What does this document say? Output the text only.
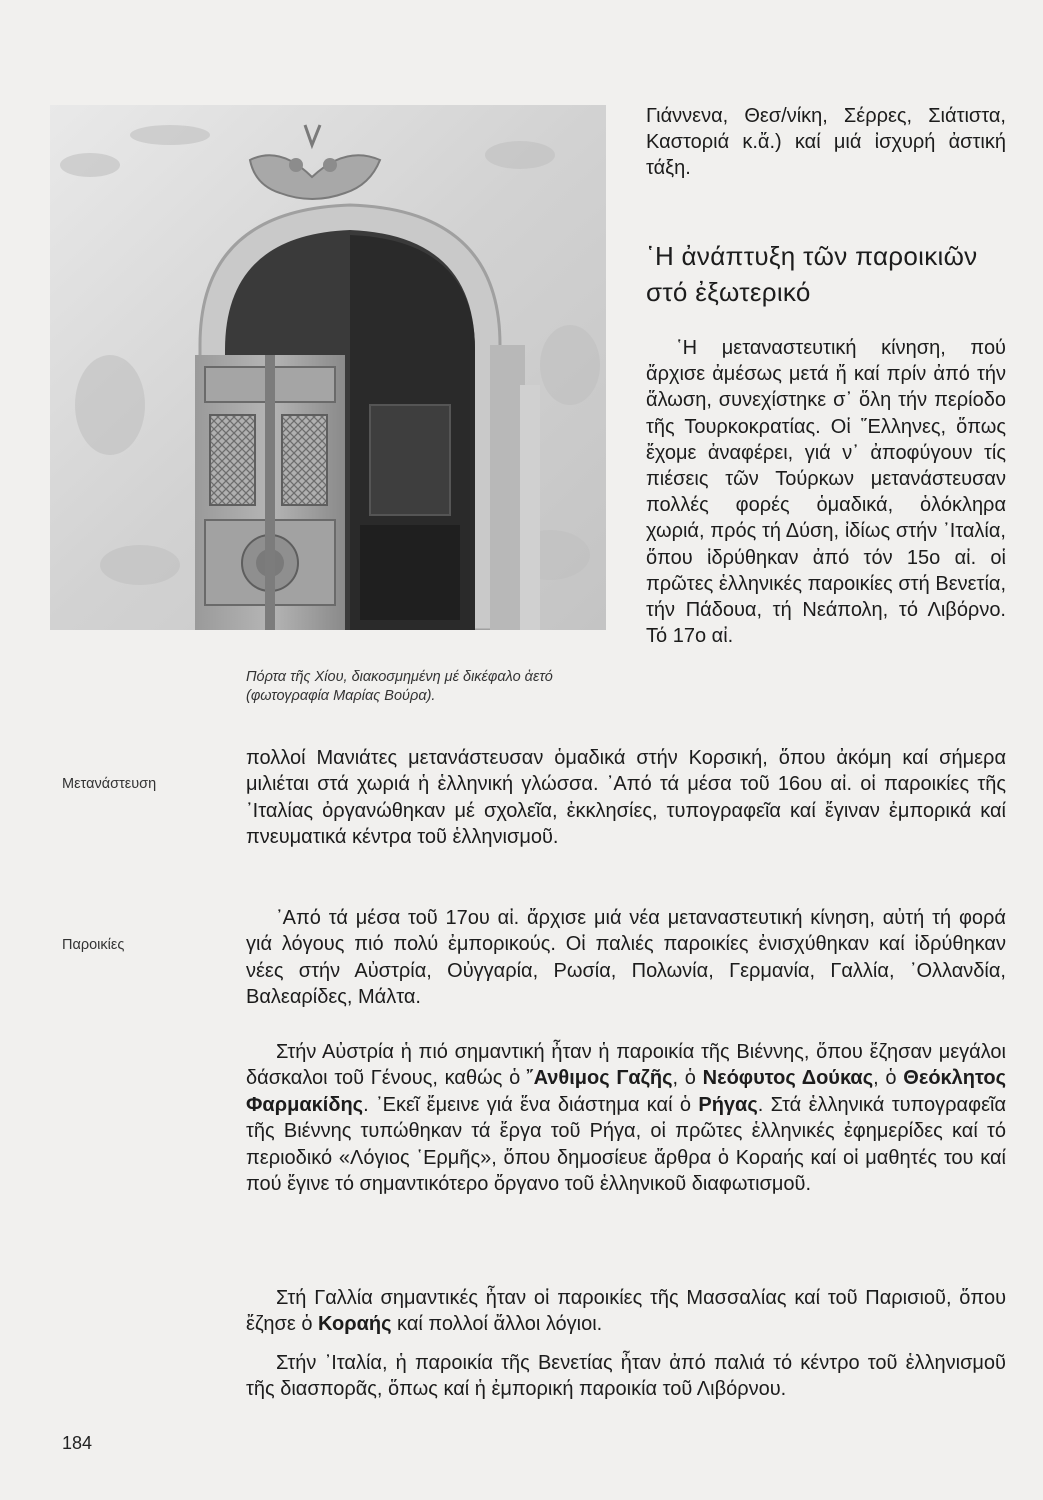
Πόρτα τῆς Χίου, διακοσμημένη μέ δικέφαλο ἀετό (φωτογραφία Μαρίας Βούρα).

Γιάννενα, Θεσ/νίκη, Σέρρες, Σιάτιστα, Καστοριά κ.ἄ.) καί μιά ἰσχυρή ἀστική τάξη.

῾Η ἀνάπτυξη τῶν παροικιῶν στό ἐξωτερικό

῾Η μεταναστευτική κίνηση, πού ἄρχισε ἀμέσως μετά ἤ καί πρίν ἀπό τήν ἅλωση, συνεχίστηκε σ᾿ ὅλη τήν περίοδο τῆς Τουρκοκρατίας. Οἱ ῞Ελληνες, ὅπως ἔχομε ἀναφέρει, γιά ν᾿ ἀποφύγουν τίς πιέσεις τῶν Τούρκων μετανάστευσαν πολλές φορές ὁμαδικά, ὁλόκληρα χωριά, πρός τή Δύση, ἰδίως στήν ᾿Ιταλία, ὅπου ἱδρύθηκαν ἀπό τόν 15ο αἰ. οἱ πρῶτες ἑλληνικές παροικίες στή Βενετία, τήν Πάδουα, τή Νεάπολη, τό Λιβόρνο. Τό 17ο αἰ.

πολλοί Μανιάτες μετανάστευσαν ὁμαδικά στήν Κορσική, ὅπου ἀκόμη καί σήμερα μιλιέται στά χωριά ἡ ἑλληνική γλώσσα. ᾿Από τά μέσα τοῦ 16ου αἰ. οἱ παροικίες τῆς ᾿Ιταλίας ὀργανώθηκαν μέ σχολεῖα, ἐκκλησίες, τυπογραφεῖα καί ἔγιναν ἐμπορικά καί πνευματικά κέντρα τοῦ ἑλληνισμοῦ.

᾿Από τά μέσα τοῦ 17ου αἰ. ἄρχισε μιά νέα μεταναστευτική κίνηση, αὐτή τή φορά γιά λόγους πιό πολύ ἐμπορικούς. Οἱ παλιές παροικίες ἐνισχύθηκαν καί ἱδρύθηκαν νέες στήν Αὐστρία, Οὐγγαρία, Ρωσία, Πολωνία, Γερμανία, Γαλλία, ᾿Ολλανδία, Βαλεαρίδες, Μάλτα.

Στήν Αὐστρία ἡ πιό σημαντική ἦταν ἡ παροικία τῆς Βιέννης, ὅπου ἔζησαν μεγάλοι δάσκαλοι τοῦ Γένους, καθώς ὁ ῎Ανθιμος Γαζῆς, ὁ Νεόφυτος Δούκας, ὁ Θεόκλητος Φαρμακίδης. ᾿Εκεῖ ἔμεινε γιά ἕνα διάστημα καί ὁ Ρήγας. Στά ἑλληνικά τυπογραφεῖα τῆς Βιέννης τυπώθηκαν τά ἔργα τοῦ Ρήγα, οἱ πρῶτες ἑλληνικές ἐφημερίδες καί τό περιοδικό «Λόγιος ῾Ερμῆς», ὅπου δημοσίευε ἄρθρα ὁ Κοραής καί οἱ μαθητές του καί πού ἔγινε τό σημαντικότερο ὄργανο τοῦ ἑλληνικοῦ διαφωτισμοῦ.

Στή Γαλλία σημαντικές ἦταν οἱ παροικίες τῆς Μασσαλίας καί τοῦ Παρισιοῦ, ὅπου ἔζησε ὁ Κοραής καί πολλοί ἄλλοι λόγιοι.

Στήν ᾿Ιταλία, ἡ παροικία τῆς Βενετίας ἦταν ἀπό παλιά τό κέντρο τοῦ ἑλληνισμοῦ τῆς διασπορᾶς, ὅπως καί ἡ ἐμπορική παροικία τοῦ Λιβόρνου.

Μετανάστευση
Παροικίες
184
